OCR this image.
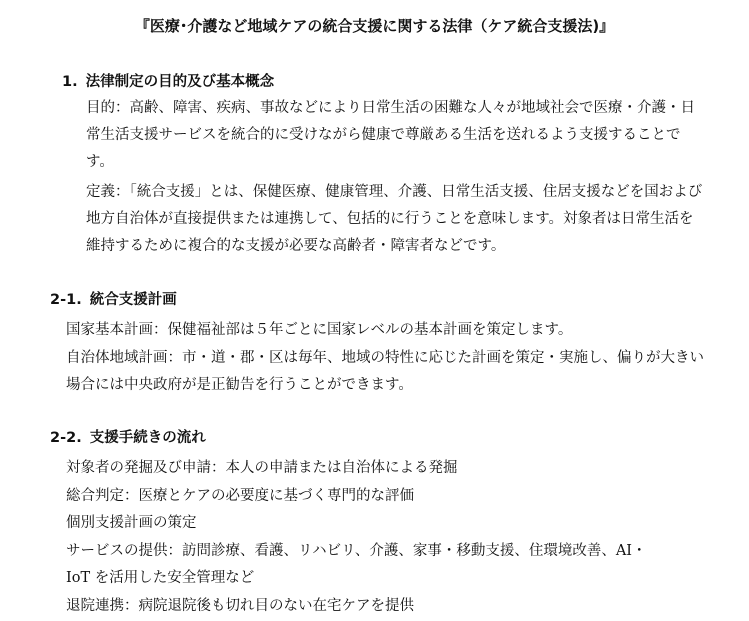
『医療･介護など地域ケアの統合支援に関する法律（ケア統合支援法)』
1. 法律制定の目的及び基本概念

目的：高齢、障害、疾病、事故などにより日常生活の困難な人々が地域社会で医療・介護・日常生活支援サービスを統合的に受けながら健康で尊厳ある生活を送れるよう支援することです。

定義：「統合支援」とは、保健医療、健康管理、介護、日常生活支援、住居支援などを国および地方自治体が直接提供または連携して、包括的に行うことを意味します。対象者は日常生活を維持するために複合的な支援が必要な高齢者・障害者などです。

2-1. 統合支援計画

国家基本計画：保健福祉部は５年ごとに国家レベルの基本計画を策定します。

自治体地域計画：市・道・郡・区は毎年、地域の特性に応じた計画を策定・実施し、偏りが大きい場合には中央政府が是正勧告を行うことができます。

2-2. 支援手続きの流れ
対象者の発掘及び申請：本人の申請または自治体による発掘
総合判定：医療とケアの必要度に基づく専門的な評価
個別支援計画の策定
サービスの提供：訪問診療、看護、リハビリ、介護、家事・移動支援、住環境改善、AI・
IoT を活用した安全管理など
退院連携：病院退院後も切れ目のない在宅ケアを提供
